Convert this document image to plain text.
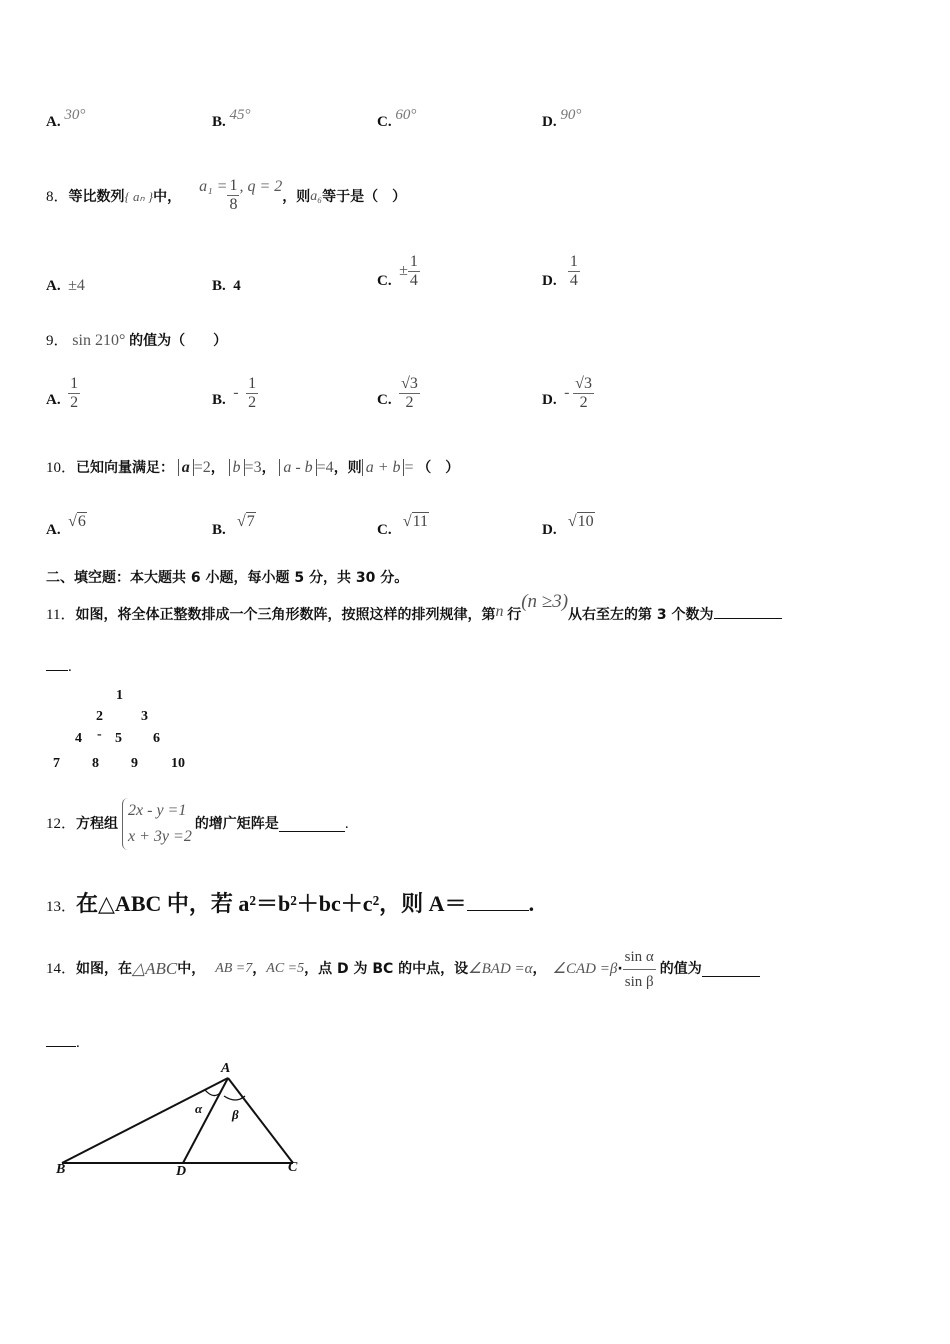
A. 30°	B. 45°	C. 60°	D. 90°
8． 等比数列 { aₙ } 中，
$a_1 = \frac{1}{8}$ , q = 2
，则 a₆ 等于是（　）
A.
±4	B.
4	C.

± $\frac{1}{4}$	D.
$\frac{1}{4}$
9． sin 210° 的值为（　　）
A.
$\frac{1}{2}$	B.
-
$\frac{1}{2}$	C.
$\frac{√3}{2}$	D.
-
$\frac{√3}{2}$
10．已知向量满足： a =2， b =3， a - b =4，则 a + b = （　）
A. √6	B. √7	C. √11	D. √10
二、填空题：本大题共 6 小题，每小题 5 分，共 30 分。
11．如图，将全体正整数排成一个三角形数阵，按照这样的排列规律，第n 行(n ≥3)从右至左的第 3 个数为
.
1
2	3
4 - 5 6
7 8 9 10
12． 方程组
2x - y =1
x + 3y =2
的增广矩阵是	.
13．在△ABC 中，若 a²＝b²＋bc＋c²，则 A＝	.
14． 如图，在 △ABC 中， AB =7 ， AC =5 ，点 D 为 BC 的中点，设 ∠BAD =α ， ∠CAD $=\beta \cdot \frac{\text{sin α}}{\text{sin β}}$ 的值为
.
A
B	D	C
α β
